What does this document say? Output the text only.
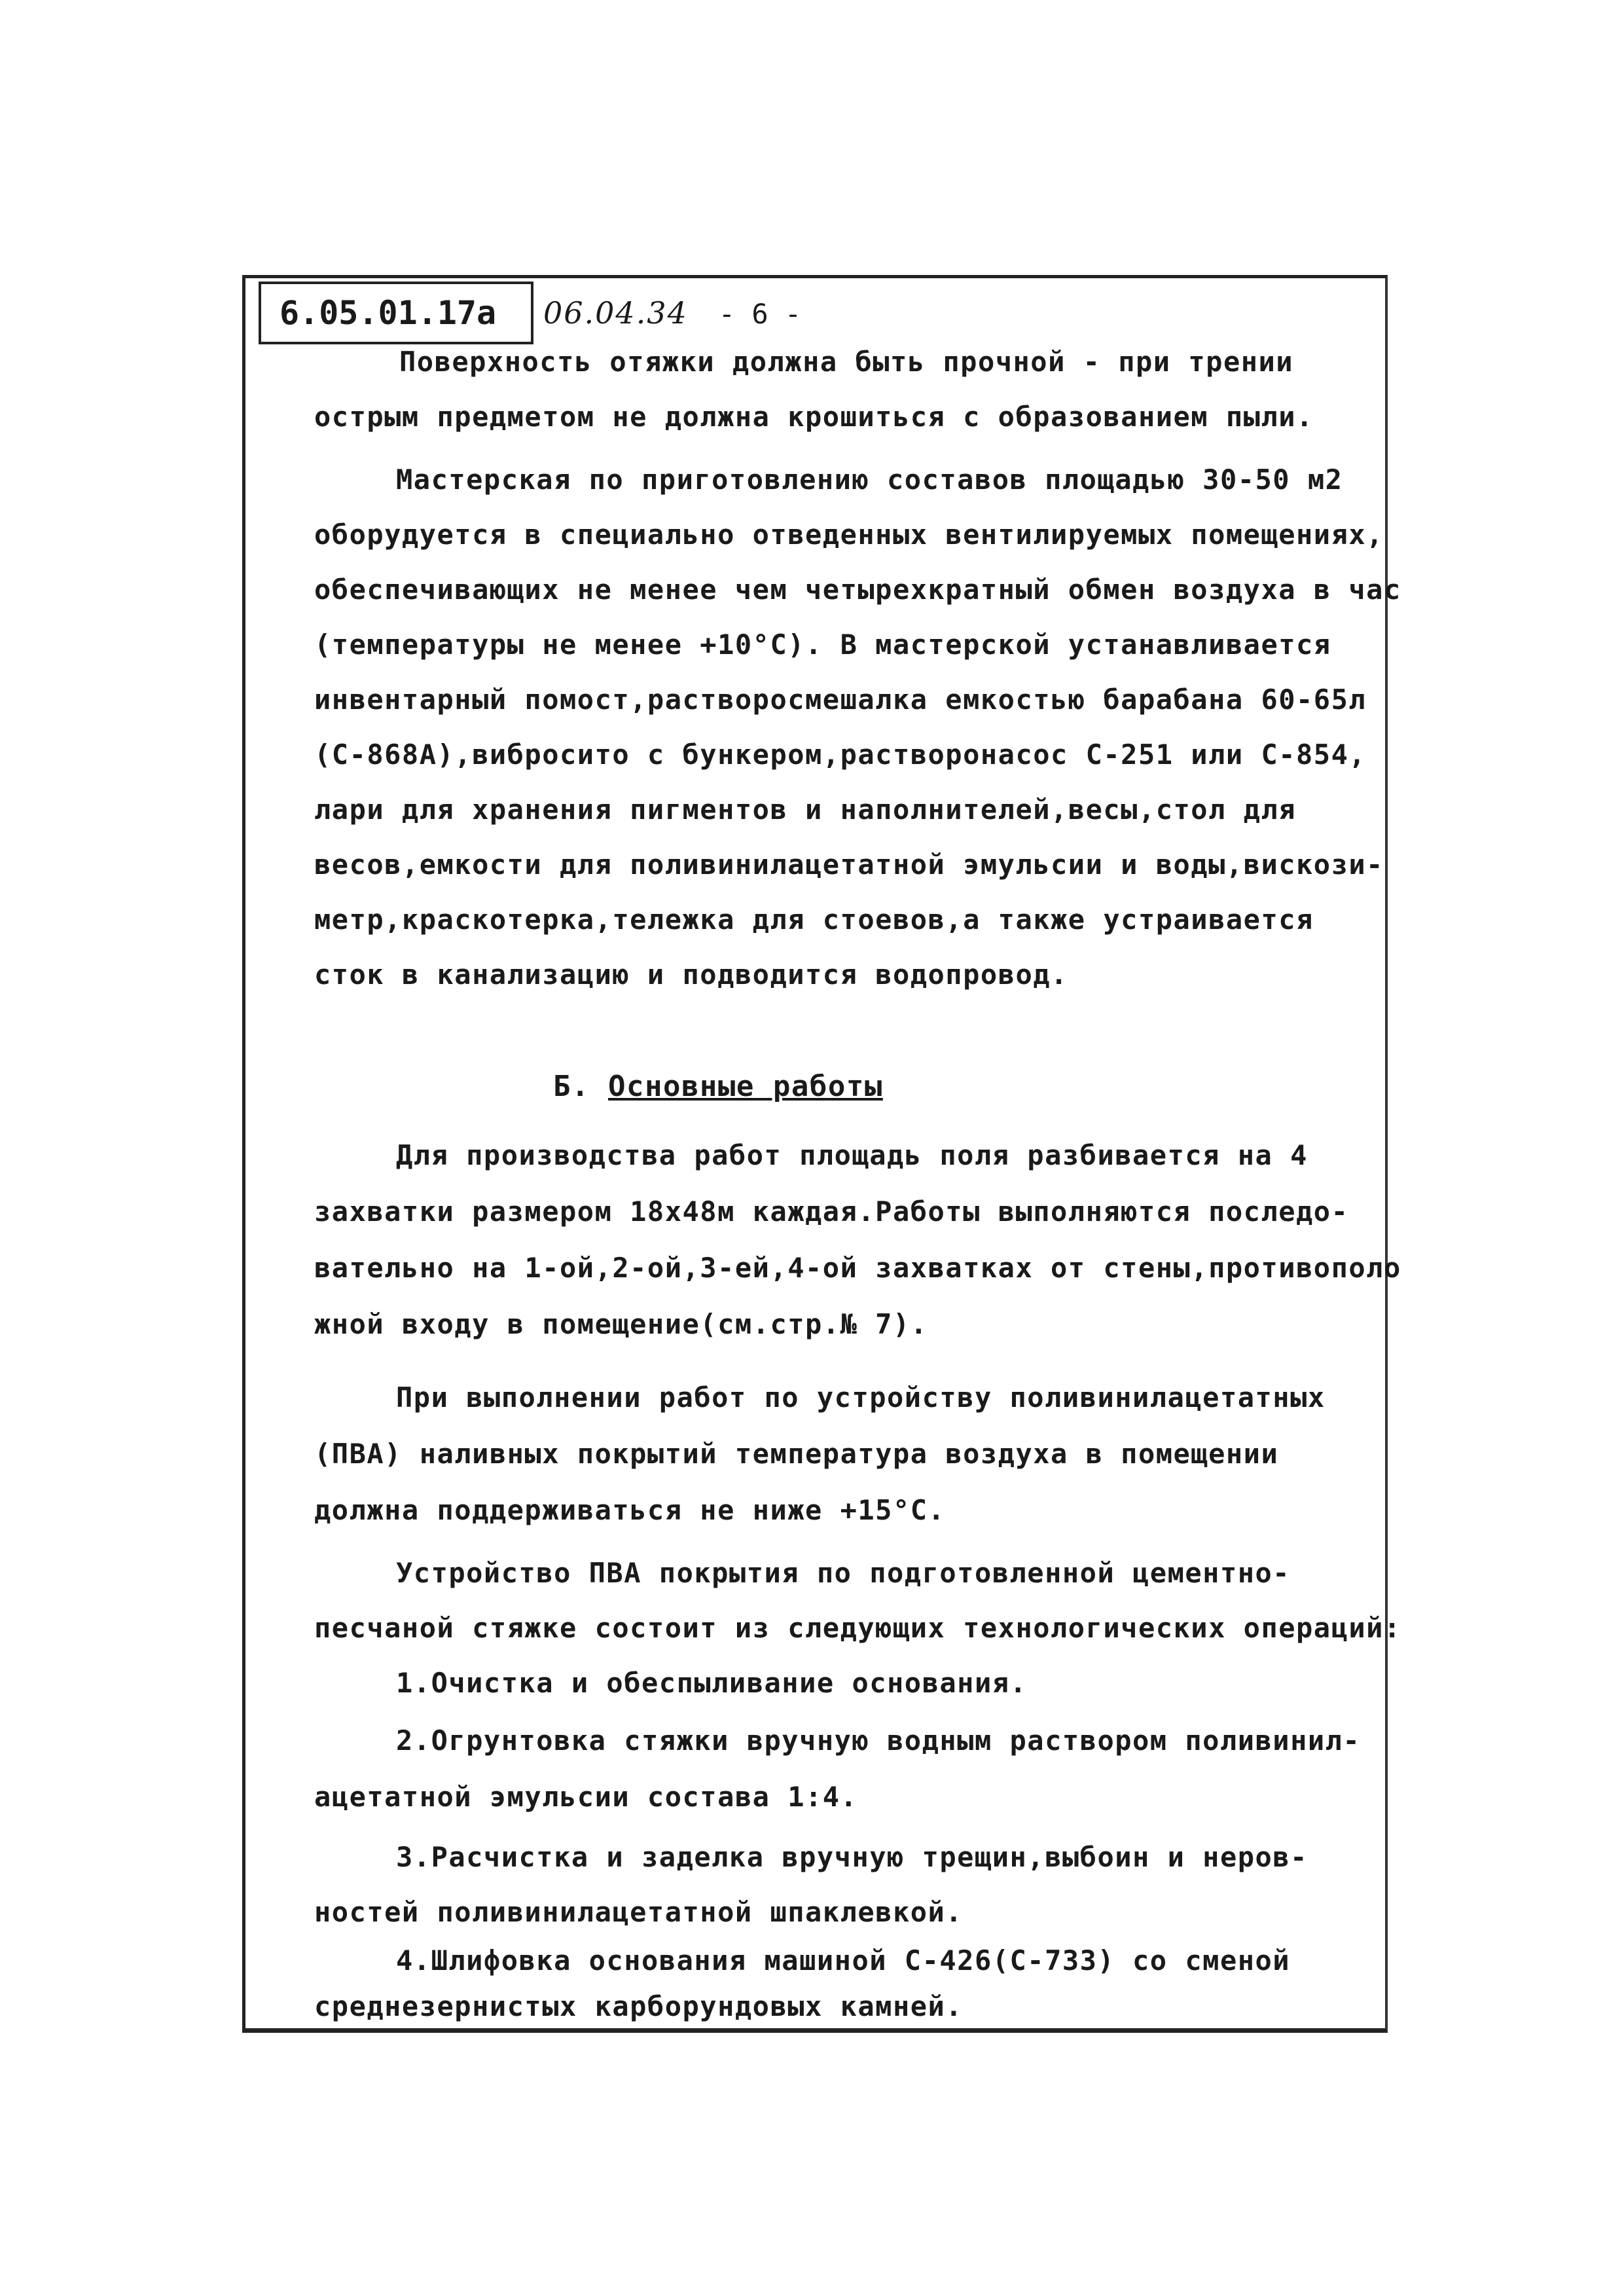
6.05.01.17a	06.04.34 - 6 -
Поверхность отяжки должна быть прочной - при трении
острым предметом не должна крошиться с образованием пыли.
Мастерская по приготовлению составов площадью 30-50 м2
оборудуется в специально отведенных вентилируемых помещениях,
обеспечивающих не менее чем четырехкратный обмен воздуха в час
(температуры не менее +10°С). В мастерской устанавливается
инвентарный помост,растворосмешалка емкостью барабана 60-65л
(С-868А),вибросито с бункером,растворонасос С-251 или С-854,
лари для хранения пигментов и наполнителей,весы,стол для
весов,емкости для поливинилацетатной эмульсии и воды,вискози-
метр,краскотерка,тележка для стоевов,а также устраивается
сток в канализацию и подводится водопровод.
Б. Основные работы
Для производства работ площадь поля разбивается на 4
захватки размером 18х48м каждая.Работы выполняются последо-
вательно на 1-ой,2-ой,3-ей,4-ой захватках от стены,противополо
жной входу в помещение(см.стр.№ 7).
При выполнении работ по устройству поливинилацетатных
(ПВА) наливных покрытий температура воздуха в помещении
должна поддерживаться не ниже +15°С.
Устройство ПВА покрытия по подготовленной цементно-
песчаной стяжке состоит из следующих технологических операций:
1.Очистка и обеспыливание основания.
2.Огрунтовка стяжки вручную водным раствором поливинил-
ацетатной эмульсии состава 1:4.
3.Расчистка и заделка вручную трещин,выбоин и неров-
ностей поливинилацетатной шпаклевкой.
4.Шлифовка основания машиной С-426(С-733) со сменой
среднезернистых карборундовых камней.
